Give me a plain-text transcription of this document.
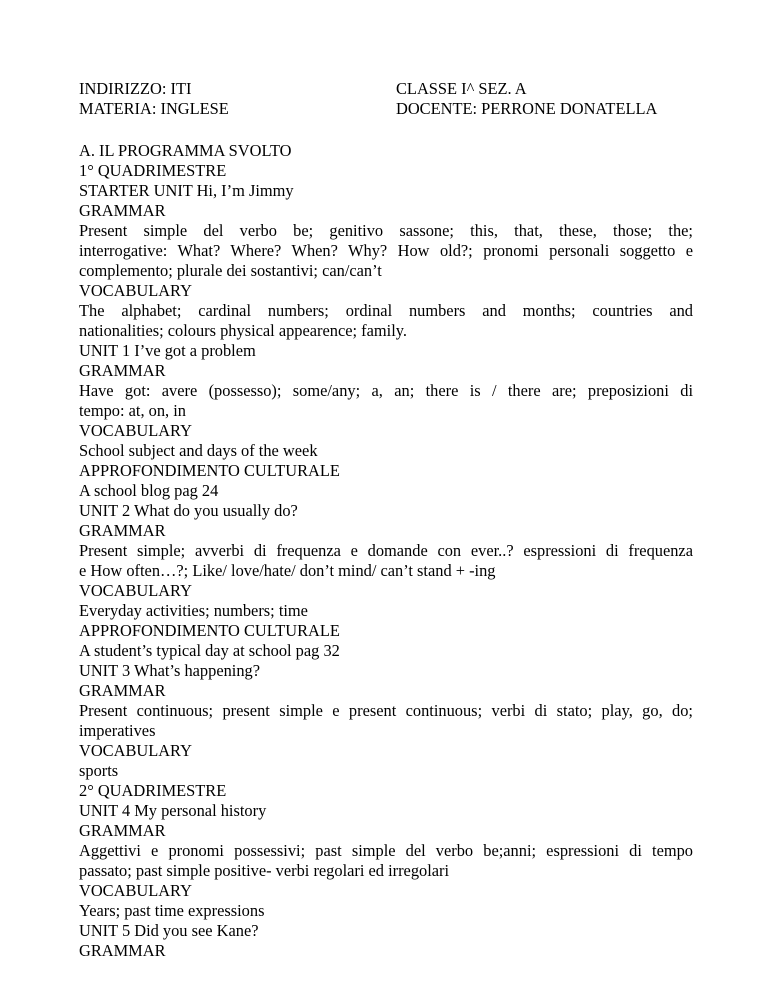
INDIRIZZO: ITI	CLASSE I^ SEZ. A
MATERIA: INGLESE	DOCENTE: PERRONE DONATELLA
A. IL PROGRAMMA SVOLTO
1° QUADRIMESTRE
STARTER UNIT Hi, I’m Jimmy
GRAMMAR
Present simple del verbo be; genitivo sassone; this, that, these, those; the;
interrogative: What? Where? When? Why? How old?; pronomi personali soggetto e
complemento; plurale dei sostantivi; can/can’t
VOCABULARY
The alphabet; cardinal numbers; ordinal numbers and months; countries and
nationalities; colours physical appearence; family.
UNIT 1 I’ve got a problem
GRAMMAR
Have got: avere (possesso); some/any; a, an; there is / there are; preposizioni di
tempo: at, on, in
VOCABULARY
School subject and days of the week
APPROFONDIMENTO CULTURALE
A school blog pag 24
UNIT 2 What do you usually do?
GRAMMAR
Present simple; avverbi di frequenza e domande con ever..? espressioni di frequenza
e How often…?; Like/ love/hate/ don’t mind/ can’t stand + -ing
VOCABULARY
Everyday activities; numbers; time
APPROFONDIMENTO CULTURALE
A student’s typical day at school pag 32
UNIT 3 What’s happening?
GRAMMAR
Present continuous; present simple e present continuous; verbi di stato; play, go, do;
imperatives
VOCABULARY
sports
2° QUADRIMESTRE
UNIT 4 My personal history
GRAMMAR
Aggettivi e pronomi possessivi; past simple del verbo be;anni; espressioni di tempo
passato; past simple positive- verbi regolari ed irregolari
VOCABULARY
Years; past time expressions
UNIT 5 Did you see Kane?
GRAMMAR
